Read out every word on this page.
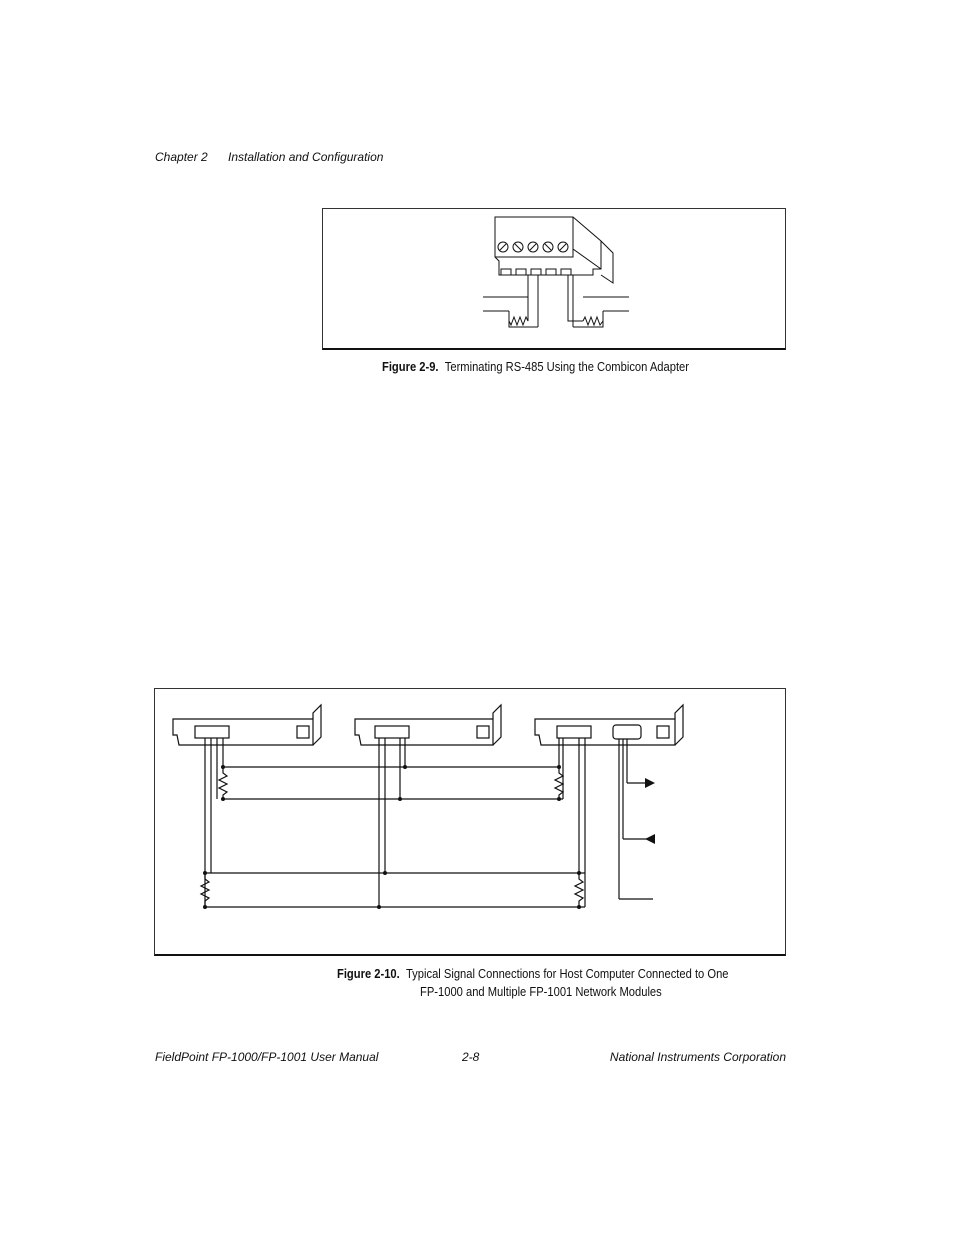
Chapter 2 Installation and Configuration
Figure 2-9. Terminating RS-485 Using the Combicon Adapter
Figure 2-10. Typical Signal Connections for Host Computer Connected to One
FP-1000 and Multiple FP-1001 Network Modules
FieldPoint FP-1000/FP-1001 User Manual	2-8	National Instruments Corporation
